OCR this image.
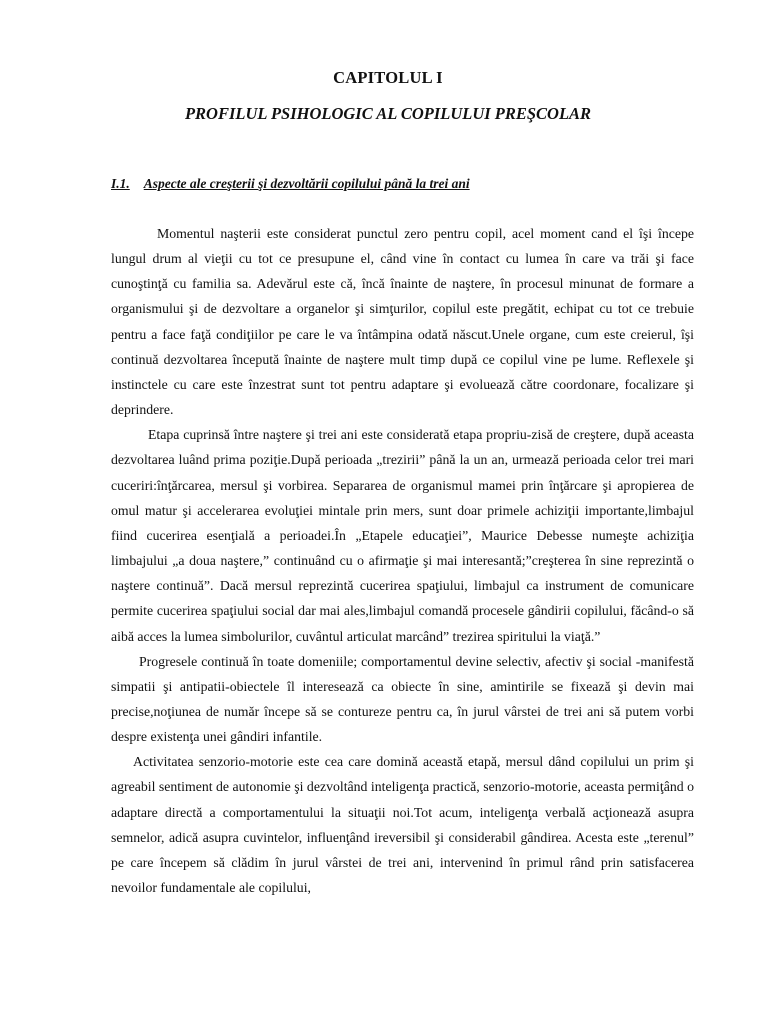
CAPITOLUL I
PROFILUL PSIHOLOGIC AL COPILULUI PREŞCOLAR
I.1. Aspecte ale creşterii şi dezvoltării copilului până la trei ani

Momentul naşterii este considerat punctul zero pentru copil, acel moment cand el îşi începe lungul drum al vieţii cu tot ce presupune el, când vine în contact cu lumea în care va trăi şi face cunoştinţă cu familia sa. Adevărul este că, încă înainte de naştere, în procesul minunat de formare a organismului şi de dezvoltare a organelor şi simţurilor, copilul este pregătit, echipat cu tot ce trebuie pentru a face faţă condiţiilor pe care le va întâmpina odată născut.Unele organe, cum este creierul, îşi continuă dezvoltarea începută înainte de naştere mult timp după ce copilul vine pe lume. Reflexele şi instinctele cu care este înzestrat sunt tot pentru adaptare şi evoluează către coordonare, focalizare şi deprindere.

Etapa cuprinsă între naştere şi trei ani este considerată etapa propriu-zisă de creştere, după aceasta dezvoltarea luând prima poziţie.După perioada „trezirii” până la un an, urmează perioada celor trei mari cuceriri:înţărcarea, mersul şi vorbirea. Separarea de organismul mamei prin înţărcare şi apropierea de omul matur şi accelerarea evoluţiei mintale prin mers, sunt doar primele achiziţii importante,limbajul fiind cucerirea esenţială a perioadei.În „Etapele educaţiei”, Maurice Debesse numeşte achiziţia limbajului „a doua naştere,” continuând cu o afirmaţie şi mai interesantă;”creşterea în sine reprezintă o naştere continuă”. Dacă mersul reprezintă cucerirea spaţiului, limbajul ca instrument de comunicare permite cucerirea spaţiului social dar mai ales,limbajul comandă procesele gândirii copilului, făcând-o să aibă acces la lumea simbolurilor, cuvântul articulat marcând” trezirea spiritului la viaţă.”

Progresele continuă în toate domeniile; comportamentul devine selectiv, afectiv şi social -manifestă simpatii şi antipatii-obiectele îl interesează ca obiecte în sine, amintirile se fixează şi devin mai precise,noţiunea de număr începe să se contureze pentru ca, în jurul vârstei de trei ani să putem vorbi despre existenţa unei gândiri infantile.

Activitatea senzorio-motorie este cea care domină această etapă, mersul dând copilului un prim şi agreabil sentiment de autonomie şi dezvoltând inteligenţa practică, senzorio-motorie, aceasta permiţând o adaptare directă a comportamentului la situaţii noi.Tot acum, inteligenţa verbală acţionează asupra semnelor, adică asupra cuvintelor, influenţând ireversibil şi considerabil gândirea. Acesta este „terenul” pe care începem să clădim în jurul vârstei de trei ani, intervenind în primul rând prin satisfacerea nevoilor fundamentale ale copilului,
